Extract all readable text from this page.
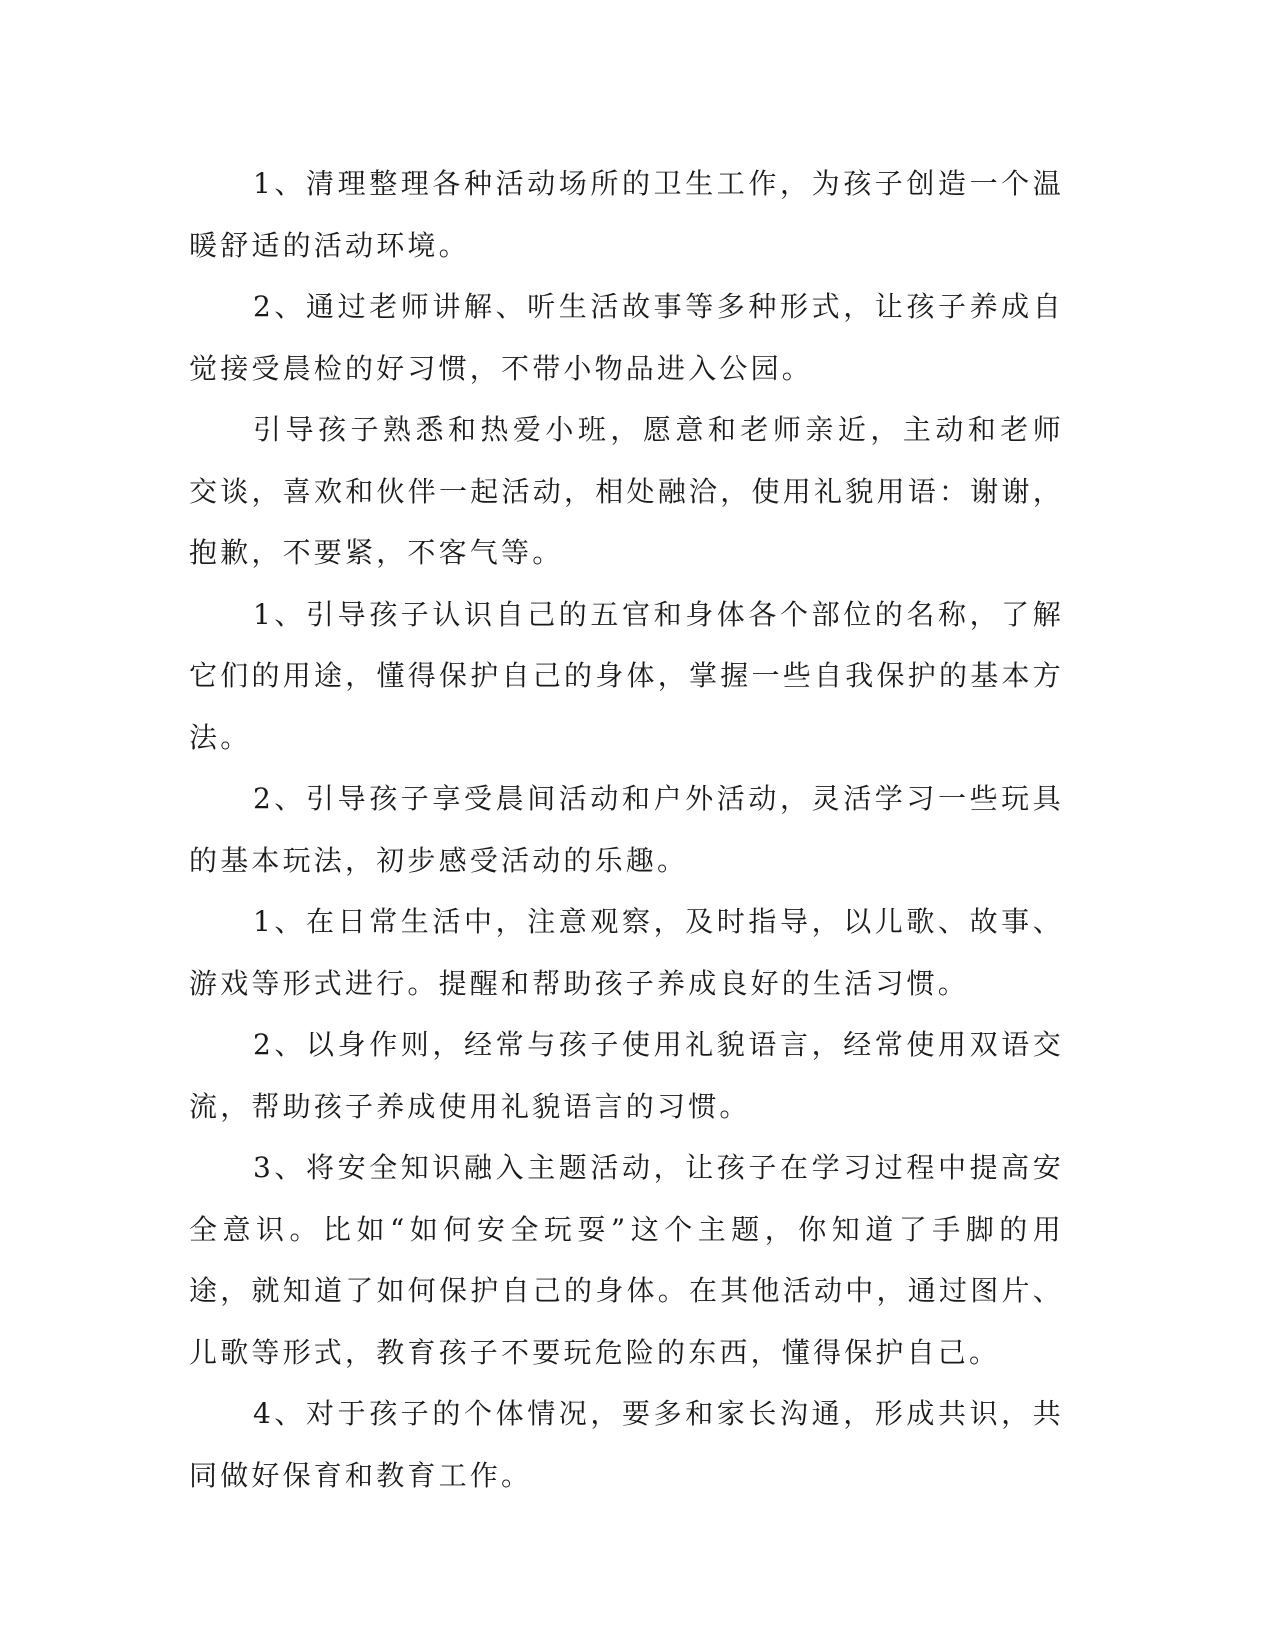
1、清理整理各种活动场所的卫生工作，为孩子创造一个温暖舒适的活动环境。

2、通过老师讲解、听生活故事等多种形式，让孩子养成自觉接受晨检的好习惯，不带小物品进入公园。

引导孩子熟悉和热爱小班，愿意和老师亲近，主动和老师交谈，喜欢和伙伴一起活动，相处融洽，使用礼貌用语：谢谢，抱歉，不要紧，不客气等。

1、引导孩子认识自己的五官和身体各个部位的名称，了解它们的用途，懂得保护自己的身体，掌握一些自我保护的基本方法。

2、引导孩子享受晨间活动和户外活动，灵活学习一些玩具的基本玩法，初步感受活动的乐趣。

1、在日常生活中，注意观察，及时指导，以儿歌、故事、游戏等形式进行。提醒和帮助孩子养成良好的生活习惯。

2、以身作则，经常与孩子使用礼貌语言，经常使用双语交流，帮助孩子养成使用礼貌语言的习惯。

3、将安全知识融入主题活动，让孩子在学习过程中提高安全意识。比如“如何安全玩耍”这个主题，你知道了手脚的用途，就知道了如何保护自己的身体。在其他活动中，通过图片、儿歌等形式，教育孩子不要玩危险的东西，懂得保护自己。

4、对于孩子的个体情况，要多和家长沟通，形成共识，共同做好保育和教育工作。
